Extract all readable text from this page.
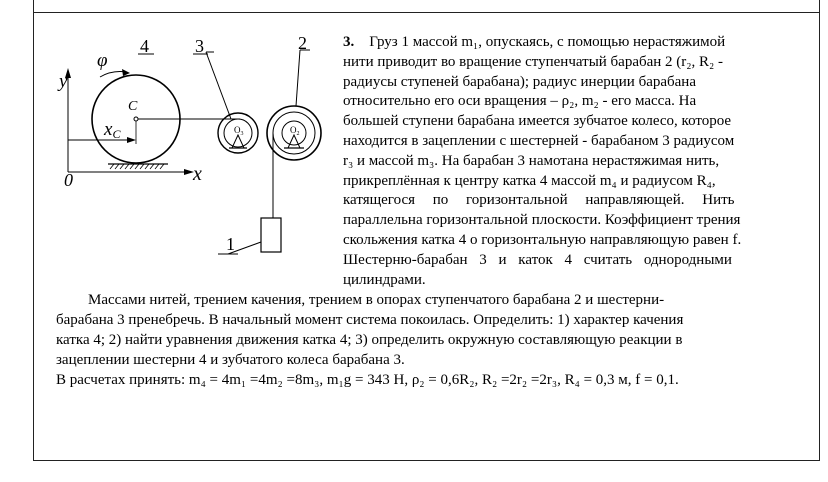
φ
4	3	2
1
y
C
xC
0	x
$O_3$	$O_2$
3. Груз 1 массой m₁, опускаясь, с помощью нерастяжимой
нити приводит во вращение ступенчатый барабан 2 (r₂, R₂ -
радиусы ступеней барабана); радиус инерции барабана
относительно его оси вращения – ρ₂, m₂ - его масса. На
большей ступени барабана имеется зубчатое колесо, которое
находится в зацеплении с шестерней - барабаном 3 радиусом
r₃ и массой m₃. На барабан 3 намотана нерастяжимая нить,
прикреплённая к центру катка 4 массой m₄ и радиусом R₄,
катящегося по горизонтальной направляющей. Нить
параллельна горизонтальной плоскости. Коэффициент трения
скольжения катка 4 о горизонтальную направляющую равен f.
Шестерню-барабан 3 и каток 4 считать однородными
цилиндрами.
Массами нитей, трением качения, трением в опорах ступенчатого барабана 2 и шестерни-
барабана 3 пренебречь. В начальный момент система покоилась. Определить: 1) характер качения
катка 4; 2) найти уравнения движения катка 4; 3) определить окружную составляющую реакции в
зацеплении шестерни 4 и зубчатого колеса барабана 3.
В расчетах принять: m₄ = 4m₁ =4m₂ =8m₃, m₁g = 343 Н, ρ₂ = 0,6R₂, R₂ =2r₂ =2r₃, R₄ = 0,3 м, f = 0,1.
